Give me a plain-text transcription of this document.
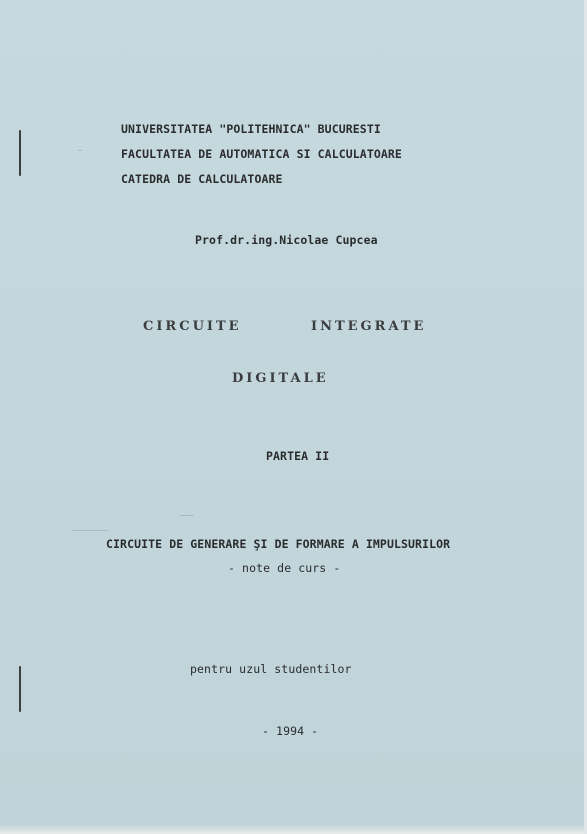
UNIVERSITATEA "POLITEHNICA" BUCURESTI
FACULTATEA DE AUTOMATICA SI CALCULATOARE
CATEDRA DE CALCULATOARE
Prof.dr.ing.Nicolae Cupcea
CIRCUITE	INTEGRATE
DIGITALE
PARTEA II
CIRCUITE DE GENERARE ŞI DE FORMARE A IMPULSURILOR
- note de curs -
pentru uzul studentilor
- 1994 -
